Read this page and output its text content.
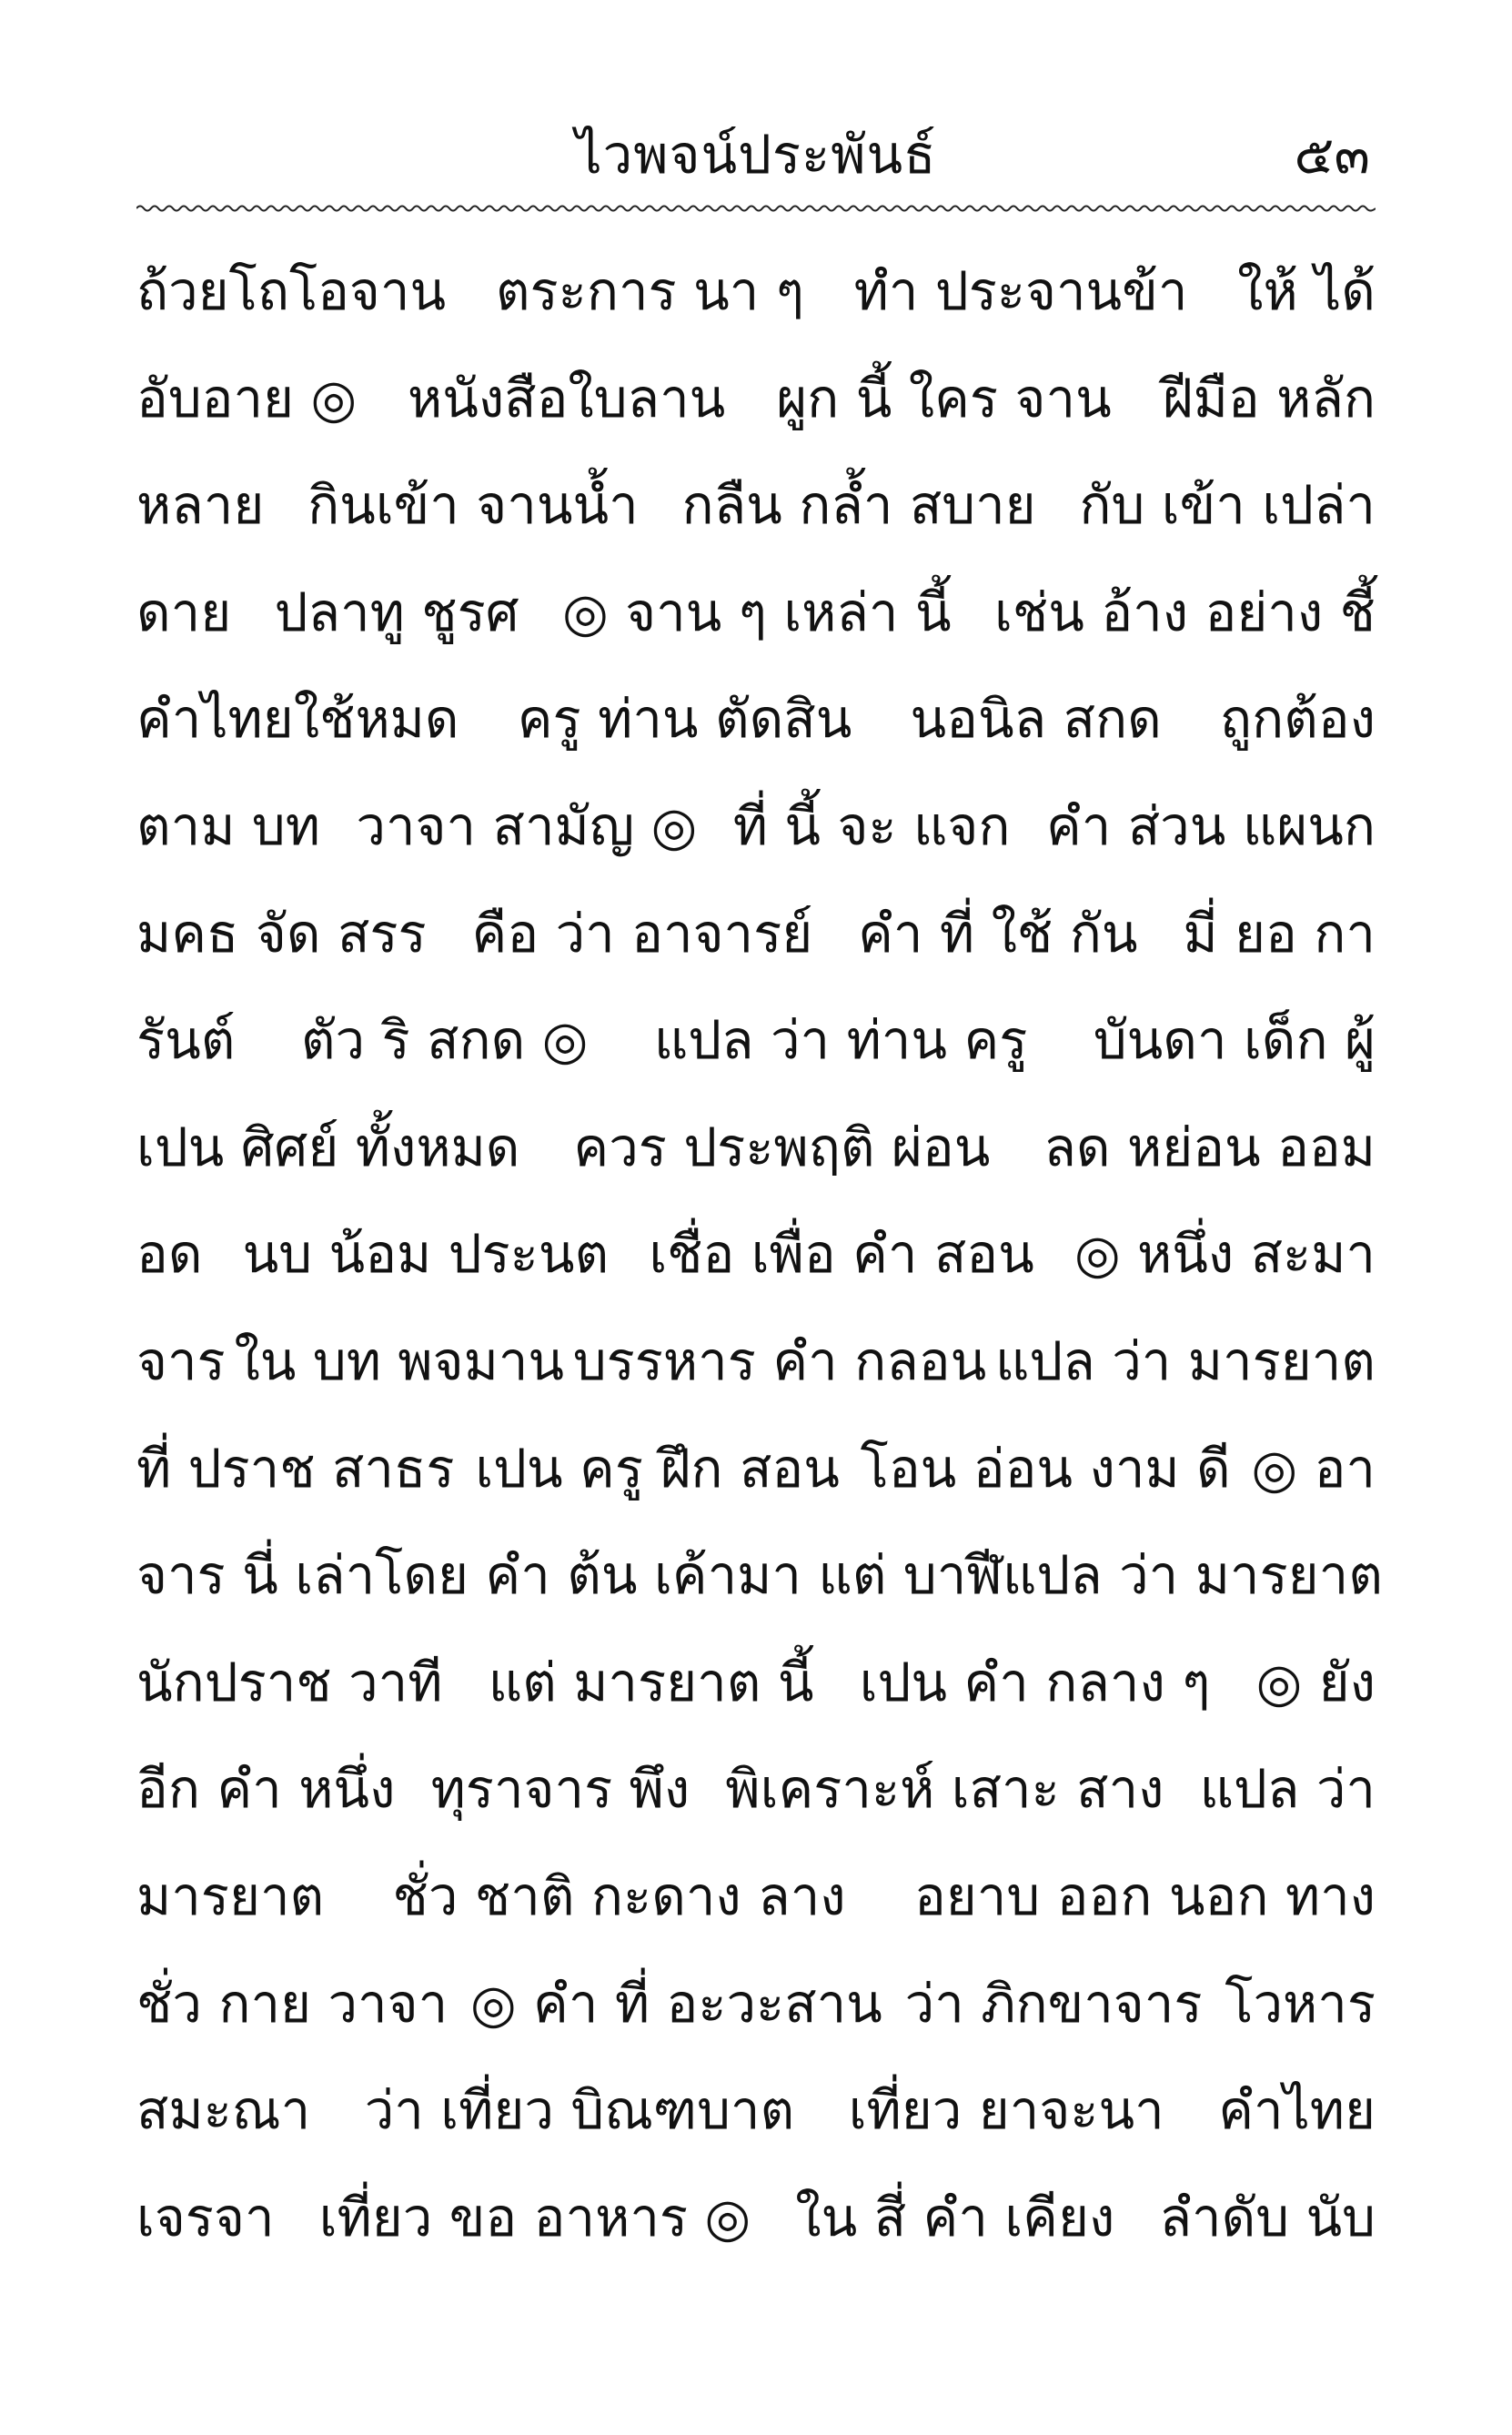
ไวพจน์ประพันธ์	๕๓
ถ้วยโถโอจาน ตระการ นา ๆ ทำ ประจานข้า ให้ ได้
อับอาย ◎ หนังสือใบลาน ผูก นี้ ใคร จาน ฝีมือ หลัก
หลาย กินเข้า จานน้ำ กลืน กล้ำ สบาย กับ เข้า เปล่า
ดาย ปลาทู ชูรศ ◎ จาน ๆ เหล่า นี้ เช่น อ้าง อย่าง ชี้
คำไทยใช้หมด ครู ท่าน ตัดสิน นอนิล สกด ถูกต้อง
ตาม บท วาจา สามัญ ◎ ที่ นี้ จะ แจก คำ ส่วน แผนก
มคธ จัด สรร คือ ว่า อาจารย์ คำ ที่ ใช้ กัน มี่ ยอ กา
รันต์ ตัว ริ สกด ◎ แปล ว่า ท่าน ครู บันดา เด็ก ผู้
เปน ศิศย์ ทั้งหมด ควร ประพฤติ ผ่อน ลด หย่อน ออม
อด นบ น้อม ประนต เชื่อ เพื่อ คำ สอน ◎ หนึ่ง สะมา
จาร ใน บท พจมาน บรรหาร คำ กลอน แปล ว่า มารยาต
ที่ ปราช สาธร เปน ครู ฝึก สอน โอน อ่อน งาม ดี ◎ อา
จาร นี่ เล่า โดย คำ ต้น เค้า มา แต่ บาฬี แปล ว่า มารยาต
นักปราช วาที แต่ มารยาต นี้ เปน คำ กลาง ๆ ◎ ยัง
อีก คำ หนึ่ง ทุราจาร พึง พิเคราะห์ เสาะ สาง แปล ว่า
มารยาต ชั่ว ชาติ กะดาง ลาง อยาบ ออก นอก ทาง
ชั่ว กาย วาจา ◎ คำ ที่ อะวะสาน ว่า ภิกขาจาร โวหาร
สมะณา ว่า เที่ยว บิณฑบาต เที่ยว ยาจะนา คำไทย
เจรจา เที่ยว ขอ อาหาร ◎ ใน สี่ คำ เคียง ลำดับ นับ
